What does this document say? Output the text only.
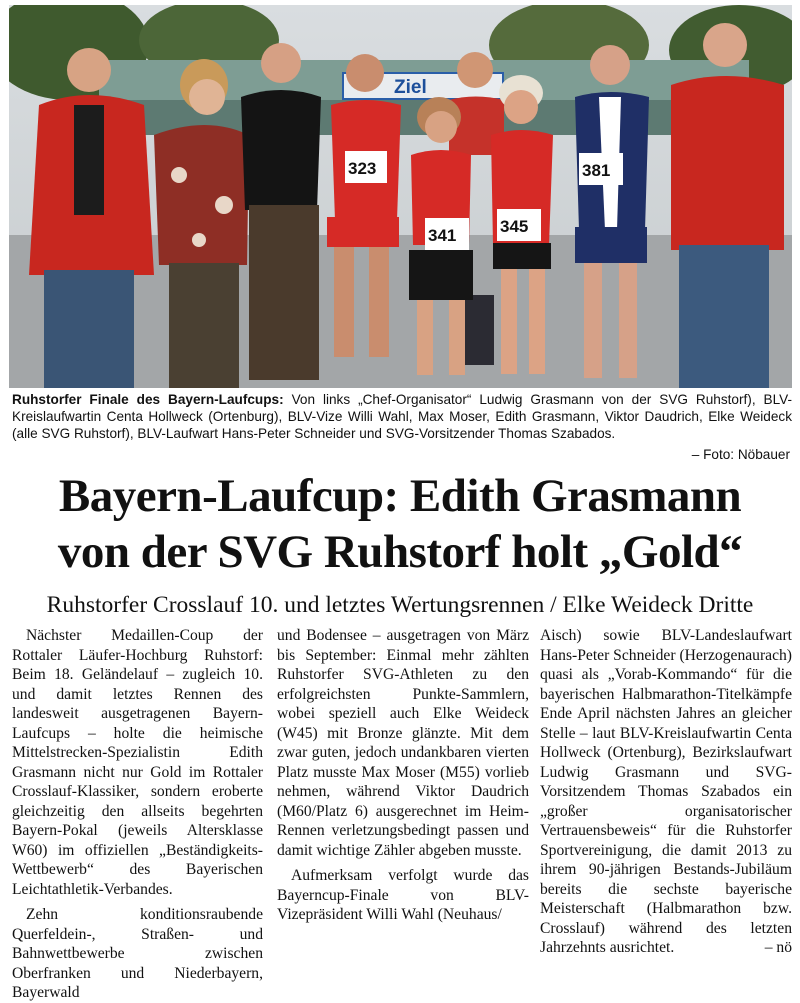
Ziel
323
341	345
381
Ruhstorfer Finale des Bayern-Laufcups: Von links „Chef-Organisator“ Ludwig Grasmann von der SVG Ruhstorf), BLV-Kreislaufwartin Centa Hollweck (Ortenburg), BLV-Vize Willi Wahl, Max Moser, Edith Grasmann, Viktor Daudrich, Elke Weideck (alle SVG Ruhstorf), BLV-Laufwart Hans-Peter Schneider und SVG-Vorsitzender Thomas Szabados.
– Foto: Nöbauer
Bayern-Laufcup: Edith Grasmann
von der SVG Ruhstorf holt „Gold“
Ruhstorfer Crosslauf 10. und letztes Wertungsrennen / Elke Weideck Dritte

Nächster Medaillen-Coup der Rottaler Läufer-Hochburg Ruhstorf: Beim 18. Geländelauf – zugleich 10. und damit letztes Rennen des landesweit ausgetragenen Bayern-Laufcups – holte die heimische Mittelstrecken-Spezialistin Edith Grasmann nicht nur Gold im Rottaler Crosslauf-Klassiker, sondern eroberte gleichzeitig den allseits begehrten Bayern-Pokal (jeweils Altersklasse W60) im offiziellen „Beständigkeits-Wettbewerb“ des Bayerischen Leichtathletik-Verbandes.

Zehn konditionsraubende Querfeldein-, Straßen- und Bahnwettbewerbe zwischen Oberfranken und Niederbayern, Bayerwald

und Bodensee – ausgetragen von März bis September: Einmal mehr zählten Ruhstorfer SVG-Athleten zu den erfolgreichsten Punkte-Sammlern, wobei speziell auch Elke Weideck (W45) mit Bronze glänzte. Mit dem zwar guten, jedoch undankbaren vierten Platz musste Max Moser (M55) vorlieb nehmen, während Viktor Daudrich (M60/Platz 6) ausgerechnet im Heim-Rennen verletzungsbedingt passen und damit wichtige Zähler abgeben musste.

Aufmerksam verfolgt wurde das Bayerncup-Finale von BLV-Vizepräsident Willi Wahl (Neuhaus/

Aisch) sowie BLV-Landeslaufwart Hans-Peter Schneider (Herzogenaurach) quasi als „Vorab-Kommando“ für die bayerischen Halbmarathon-Titelkämpfe Ende April nächsten Jahres an gleicher Stelle – laut BLV-Kreislaufwartin Centa Hollweck (Ortenburg), Bezirkslaufwart Ludwig Grasmann und SVG-Vorsitzendem Thomas Szabados ein „großer organisatorischer Vertrauensbeweis“ für die Ruhstorfer Sportvereinigung, die damit 2013 zu ihrem 90-jährigen Bestands-Jubiläum bereits die sechste bayerische Meisterschaft (Halbmarathon bzw. Crosslauf) während des letzten Jahrzehnts ausrichtet.	– nö
